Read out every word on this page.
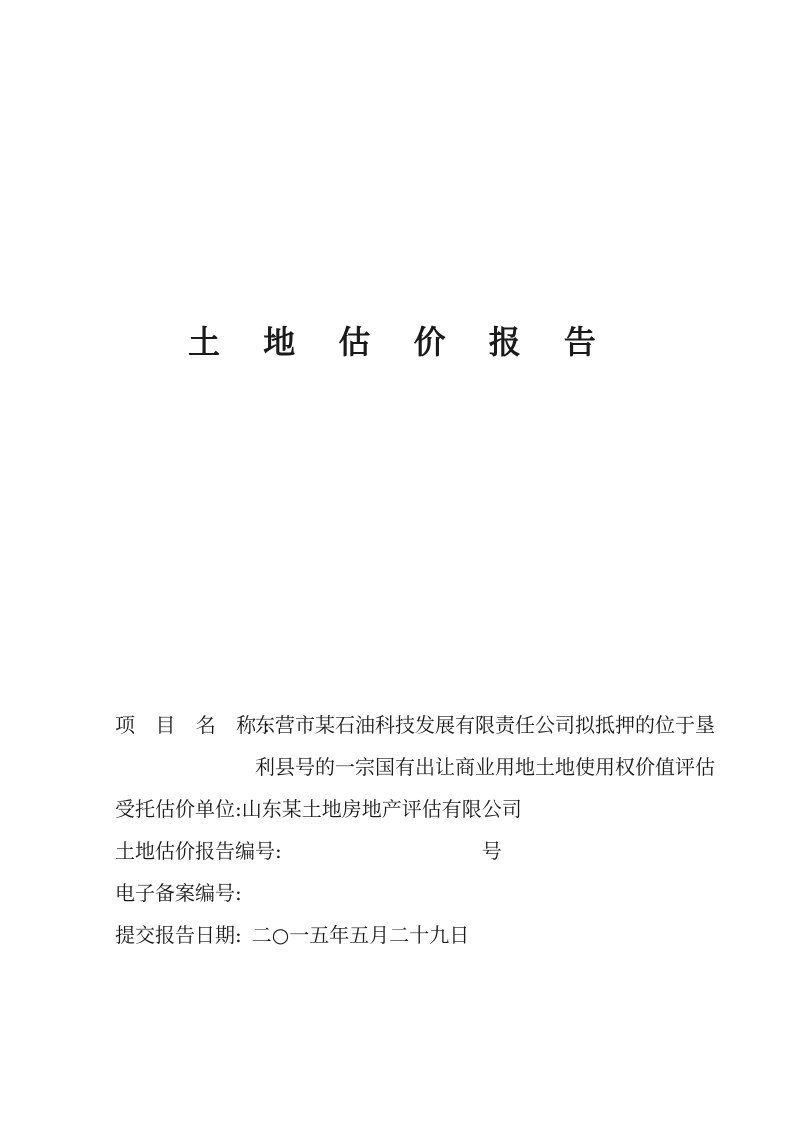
土 地 估 价 报 告
项 目 名 称:
东营市某石油科技发展有限责任公司拟抵押的位于垦利县号的一宗国有出让商业用地土地使用权价值评估
受托估价单位: 山东某土地房地产评估有限公司
土地估价报告编号:	号
电子备案编号:
提交报告日期: 二○一五年五月二十九日
